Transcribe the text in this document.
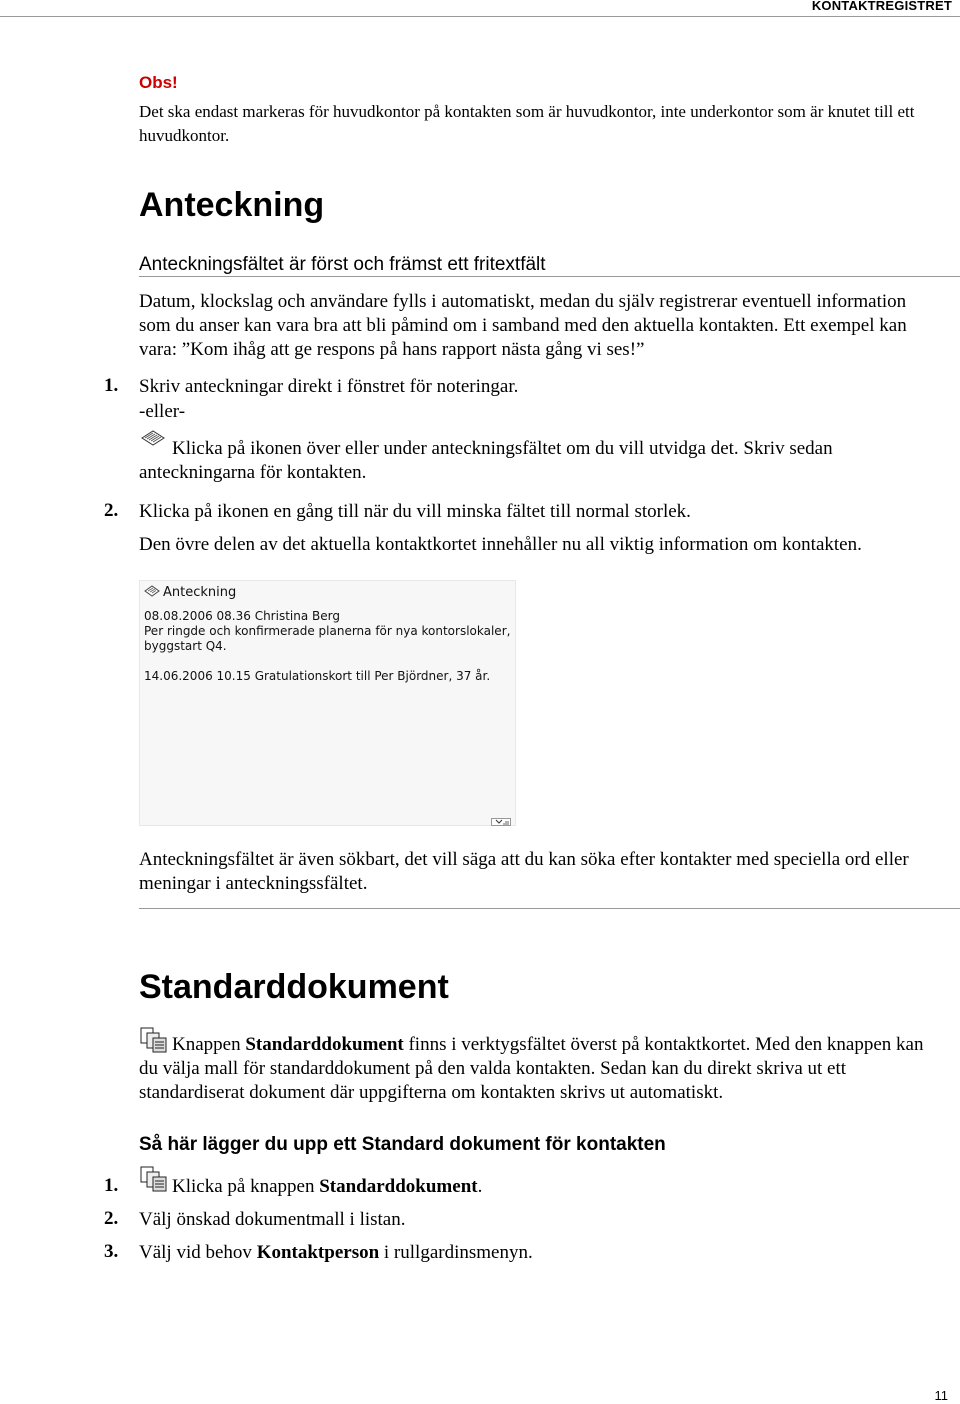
KONTAKTREGISTRET
Obs!
Det ska endast markeras för huvudkontor på kontakten som är huvudkontor, inte underkontor som är knutet till ett huvudkontor.
Anteckning
Anteckningsfältet är först och främst ett fritextfält
Datum, klockslag och användare fylls i automatiskt, medan du själv registrerar eventuell information som du anser kan vara bra att bli påmind om i samband med den aktuella kontakten. Ett exempel kan vara: ”Kom ihåg att ge respons på hans rapport nästa gång vi ses!”
1. Skriv anteckningar direkt i fönstret för noteringar.
-eller-
Klicka på ikonen över eller under anteckningsfältet om du vill utvidga det. Skriv sedan anteckningarna för kontakten.
2. Klicka på ikonen en gång till när du vill minska fältet till normal storlek.
Den övre delen av det aktuella kontaktkortet innehåller nu all viktig information om kontakten.
Anteckning
08.08.2006 08.36 Christina Berg
Per ringde och konfirmerade planerna för nya kontorslokaler,
byggstart Q4.

14.06.2006 10.15 Gratulationskort till Per Björdner, 37 år.
Anteckningsfältet är även sökbart, det vill säga att du kan söka efter kontakter med speciella ord eller meningar i anteckningssfältet.
Standarddokument
Knappen Standarddokument finns i verktygsfältet överst på kontaktkortet. Med den knappen kan du välja mall för standarddokument på den valda kontakten. Sedan kan du direkt skriva ut ett standardiserat dokument där uppgifterna om kontakten skrivs ut automatiskt.
Så här lägger du upp ett Standard dokument för kontakten
1.	Klicka på knappen Standarddokument.
2. Välj önskad dokumentmall i listan.
3. Välj vid behov Kontaktperson i rullgardinsmenyn.
11
